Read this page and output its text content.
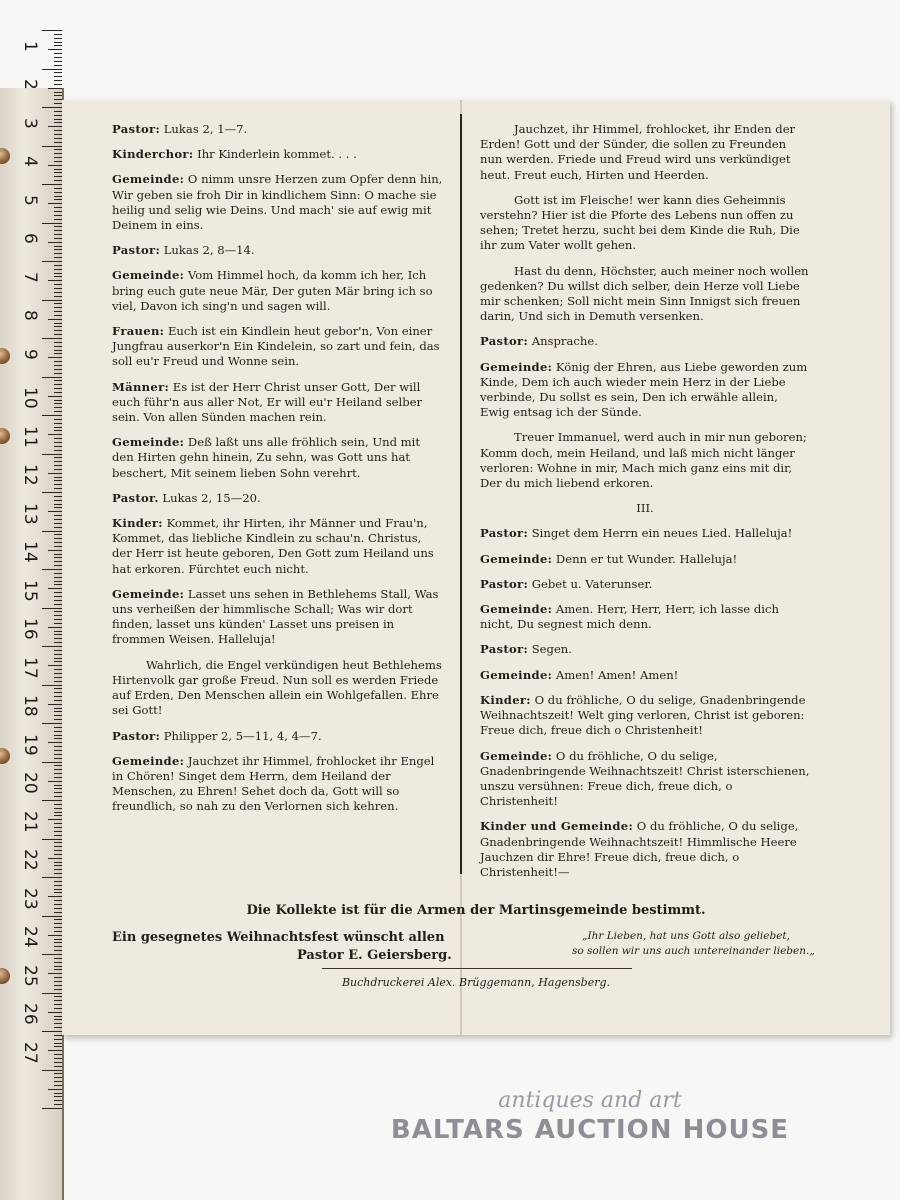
1
2
3
4
5
6
7
8
9
10
11
12
13
14
15
16
17
18
19
20
21
22
23
24
25
26
27
Pastor: Lukas 2, 1—7.
Kinderchor: Ihr Kinderlein kommet. . . .
Gemeinde: O nimm unsre Herzen zum Opfer denn hin, Wir geben sie froh Dir in kindlichem Sinn: O mache sie heilig und selig wie Deins. Und mach' sie auf ewig mit Deinem in eins.
Pastor: Lukas 2, 8—14.
Gemeinde: Vom Himmel hoch, da komm ich her, Ich bring euch gute neue Mär, Der guten Mär bring ich so viel, Davon ich sing'n und sagen will.
Frauen: Euch ist ein Kindlein heut gebor'n, Von einer Jungfrau auserkor'n Ein Kindelein, so zart und fein, das soll eu'r Freud und Wonne sein.
Männer: Es ist der Herr Christ unser Gott, Der will euch führ'n aus aller Not, Er will eu'r Heiland selber sein. Von allen Sünden machen rein.
Gemeinde: Deß laßt uns alle fröhlich sein, Und mit den Hirten gehn hinein, Zu sehn, was Gott uns hat beschert, Mit seinem lieben Sohn verehrt.
Pastor. Lukas 2, 15—20.
Kinder: Kommet, ihr Hirten, ihr Männer und Frau'n, Kommet, das liebliche Kindlein zu schau'n. Christus, der Herr ist heute geboren, Den Gott zum Heiland uns hat erkoren. Fürchtet euch nicht.
Gemeinde: Lasset uns sehen in Bethlehems Stall, Was uns verheißen der himmlische Schall; Was wir dort finden, lasset uns künden' Lasset uns preisen in frommen Weisen. Halleluja!
Wahrlich, die Engel verkündigen heut Bethlehems Hirtenvolk gar große Freud. Nun soll es werden Friede auf Erden, Den Menschen allein ein Wohlgefallen. Ehre sei Gott!
Pastor: Philipper 2, 5—11, 4, 4—7.
Gemeinde: Jauchzet ihr Himmel, frohlocket ihr Engel in Chören! Singet dem Herrn, dem Heiland der Menschen, zu Ehren! Sehet doch da, Gott will so freundlich, so nah zu den Verlornen sich kehren.
Jauchzet, ihr Himmel, frohlocket, ihr Enden der Erden! Gott und der Sünder, die sollen zu Freunden nun werden. Friede und Freud wird uns verkündiget heut. Freut euch, Hirten und Heerden.
Gott ist im Fleische! wer kann dies Geheimnis verstehn? Hier ist die Pforte des Lebens nun offen zu sehen; Tretet herzu, sucht bei dem Kinde die Ruh, Die ihr zum Vater wollt gehen.
Hast du denn, Höchster, auch meiner noch wollen gedenken? Du willst dich selber, dein Herze voll Liebe mir schenken; Soll nicht mein Sinn Innigst sich freuen darin, Und sich in Demuth versenken.
Pastor: Ansprache.
Gemeinde: König der Ehren, aus Liebe geworden zum Kinde, Dem ich auch wieder mein Herz in der Liebe verbinde, Du sollst es sein, Den ich erwähle allein, Ewig entsag ich der Sünde.
Treuer Immanuel, werd auch in mir nun geboren; Komm doch, mein Heiland, und laß mich nicht länger verloren: Wohne in mir, Mach mich ganz eins mit dir, Der du mich liebend erkoren.
III.
Pastor: Singet dem Herrn ein neues Lied. Halleluja!
Gemeinde: Denn er tut Wunder. Halleluja!
Pastor: Gebet u. Vaterunser.
Gemeinde: Amen. Herr, Herr, Herr, ich lasse dich nicht, Du segnest mich denn.
Pastor: Segen.
Gemeinde: Amen! Amen! Amen!
Kinder: O du fröhliche, O du selige, Gnadenbringende Weihnachtszeit! Welt ging verloren, Christ ist geboren: Freue dich, freue dich o Christenheit!
Gemeinde: O du fröhliche, O du selige, Gnadenbringende Weihnachtszeit! Christ isterschienen, unszu versühnen: Freue dich, freue dich, o Christenheit!
Kinder und Gemeinde: O du fröhliche, O du selige, Gnadenbringende Weihnachtszeit! Himmlische Heere Jauchzen dir Ehre! Freue dich, freue dich, o Christenheit!—
Die Kollekte ist für die Armen der Martinsgemeinde bestimmt.
Ein gesegnetes Weihnachtsfest wünscht allen
Pastor E. Geiersberg.
„Ihr Lieben, hat uns Gott also geliebet,
so sollen wir uns auch untereinander lieben.„
Buchdruckerei Alex. Brüggemann, Hagensberg.
antiques and art
BALTARS AUCTION HOUSE
